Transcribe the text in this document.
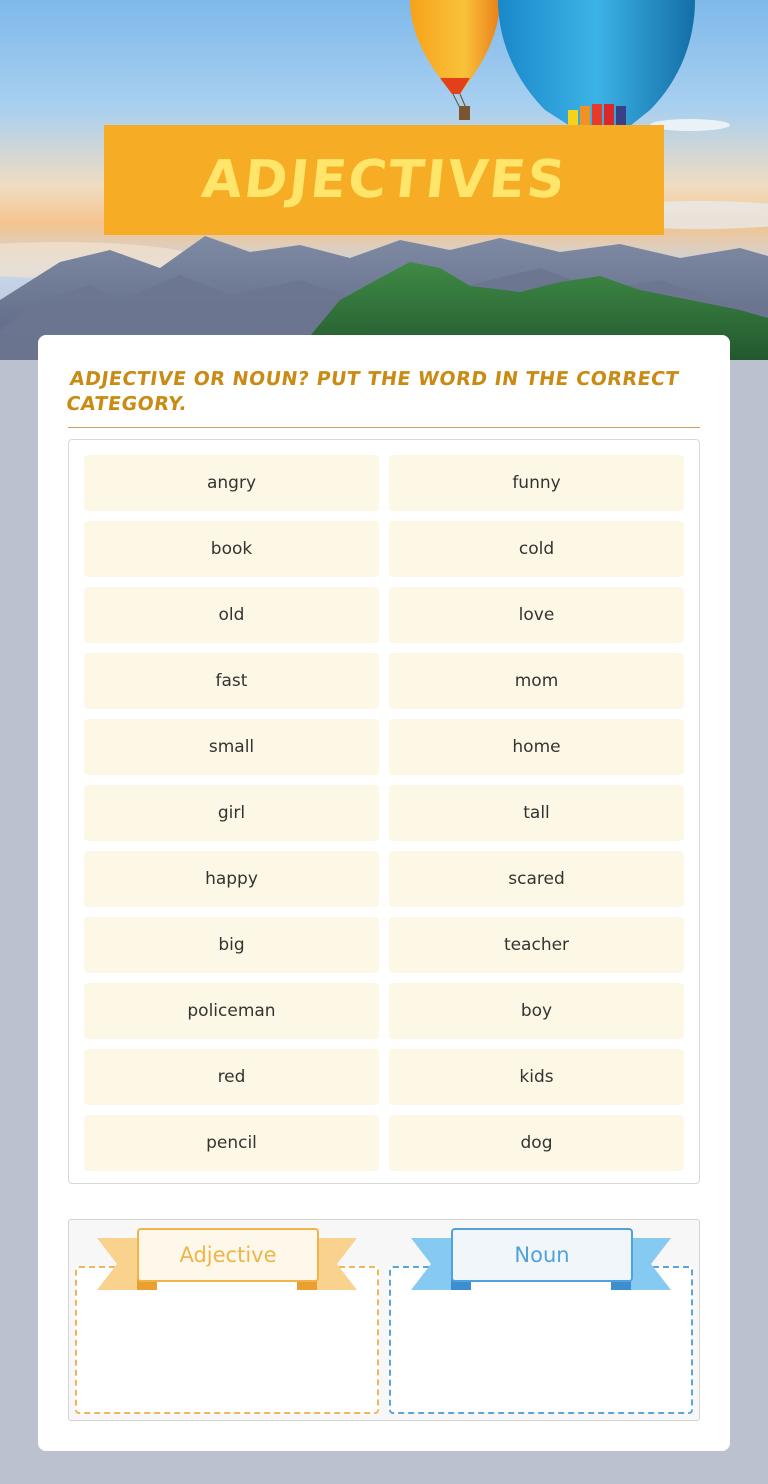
ADJECTIVES
ADJECTIVE OR NOUN? PUT THE WORD IN THE CORRECT CATEGORY.
angry	funny
book	cold
old	love
fast	mom
small	home
girl	tall
happy	scared
big	teacher
policeman	boy
red	kids
pencil	dog
Adjective	Noun
